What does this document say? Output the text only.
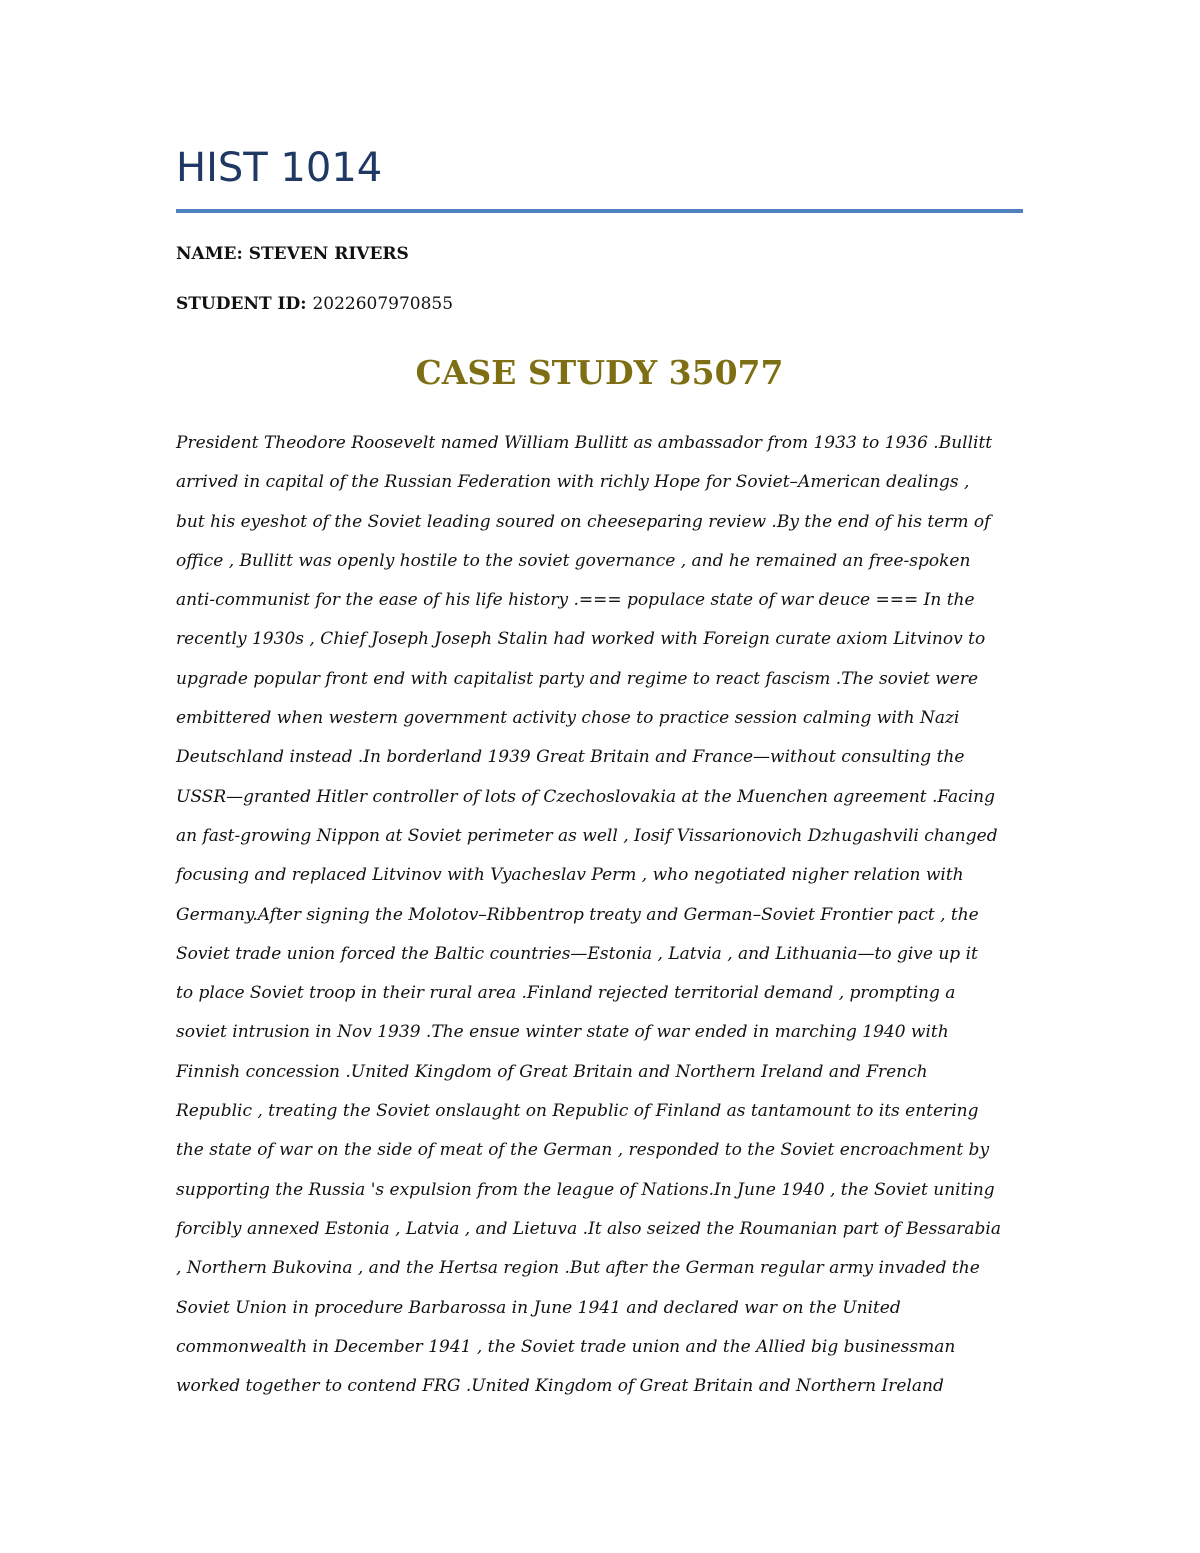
HIST 1014
NAME: STEVEN RIVERS
STUDENT ID: 2022607970855
CASE STUDY 35077
President Theodore Roosevelt named William Bullitt as ambassador from 1933 to 1936 .Bullitt
arrived in capital of the Russian Federation with richly Hope for Soviet–American dealings ,
but his eyeshot of the Soviet leading soured on cheeseparing review .By the end of his term of
office , Bullitt was openly hostile to the soviet governance , and he remained an free-spoken
anti-communist for the ease of his life history .=== populace state of war deuce === In the
recently 1930s , Chief Joseph Joseph Stalin had worked with Foreign curate axiom Litvinov to
upgrade popular front end with capitalist party and regime to react fascism .The soviet were
embittered when western government activity chose to practice session calming with Nazi
Deutschland instead .In borderland 1939 Great Britain and France—without consulting the
USSR—granted Hitler controller of lots of Czechoslovakia at the Muenchen agreement .Facing
an fast-growing Nippon at Soviet perimeter as well , Iosif Vissarionovich Dzhugashvili changed
focusing and replaced Litvinov with Vyacheslav Perm , who negotiated nigher relation with
Germany.After signing the Molotov–Ribbentrop treaty and German–Soviet Frontier pact , the
Soviet trade union forced the Baltic countries—Estonia , Latvia , and Lithuania—to give up it
to place Soviet troop in their rural area .Finland rejected territorial demand , prompting a
soviet intrusion in Nov 1939 .The ensue winter state of war ended in marching 1940 with
Finnish concession .United Kingdom of Great Britain and Northern Ireland and French
Republic , treating the Soviet onslaught on Republic of Finland as tantamount to its entering
the state of war on the side of meat of the German , responded to the Soviet encroachment by
supporting the Russia 's expulsion from the league of Nations.In June 1940 , the Soviet uniting
forcibly annexed Estonia , Latvia , and Lietuva .It also seized the Roumanian part of Bessarabia
, Northern Bukovina , and the Hertsa region .But after the German regular army invaded the
Soviet Union in procedure Barbarossa in June 1941 and declared war on the United
commonwealth in December 1941 , the Soviet trade union and the Allied big businessman
worked together to contend FRG .United Kingdom of Great Britain and Northern Ireland
